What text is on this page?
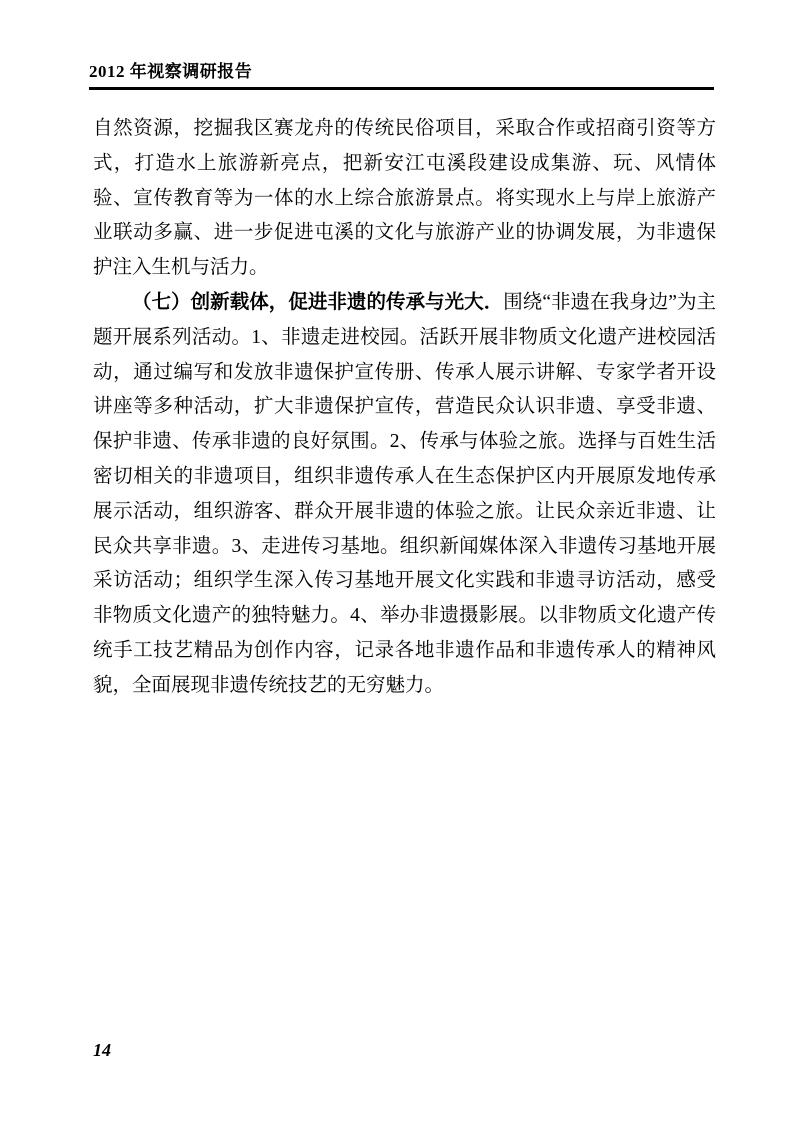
2012 年视察调研报告

自然资源，挖掘我区赛龙舟的传统民俗项目，采取合作或招商引资等方式，打造水上旅游新亮点，把新安江屯溪段建设成集游、玩、风情体验、宣传教育等为一体的水上综合旅游景点。将实现水上与岸上旅游产业联动多赢、进一步促进屯溪的文化与旅游产业的协调发展，为非遗保护注入生机与活力。

（七）创新载体，促进非遗的传承与光大．围绕“非遗在我身边”为主题开展系列活动。1、非遗走进校园。活跃开展非物质文化遗产进校园活动，通过编写和发放非遗保护宣传册、传承人展示讲解、专家学者开设讲座等多种活动，扩大非遗保护宣传，营造民众认识非遗、享受非遗、保护非遗、传承非遗的良好氛围。2、传承与体验之旅。选择与百姓生活密切相关的非遗项目，组织非遗传承人在生态保护区内开展原发地传承展示活动，组织游客、群众开展非遗的体验之旅。让民众亲近非遗、让民众共享非遗。3、走进传习基地。组织新闻媒体深入非遗传习基地开展采访活动；组织学生深入传习基地开展文化实践和非遗寻访活动，感受非物质文化遗产的独特魅力。4、举办非遗摄影展。以非物质文化遗产传统手工技艺精品为创作内容，记录各地非遗作品和非遗传承人的精神风貌，全面展现非遗传统技艺的无穷魅力。

14
